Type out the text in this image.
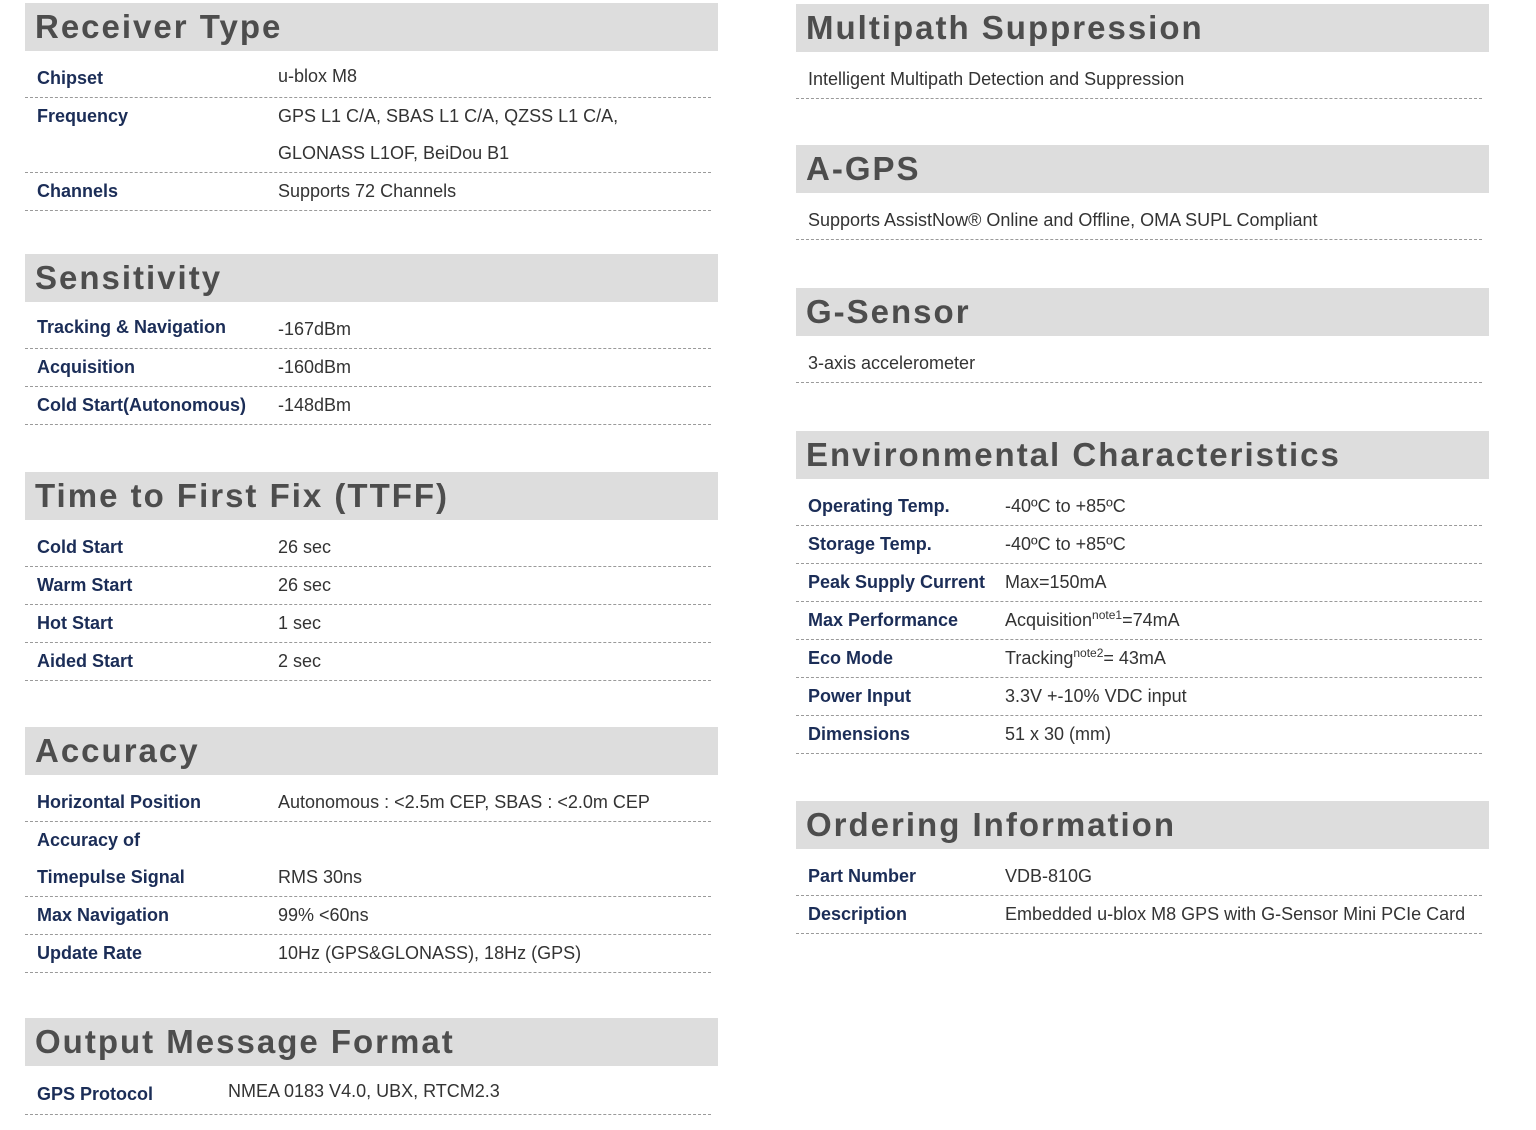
Receiver Type
Chipset	u-blox M8
Frequency	GPS L1 C/A, SBAS L1 C/A, QZSS L1 C/A,
GLONASS L1OF, BeiDou B1
Channels	Supports 72 Channels
Sensitivity
Tracking & Navigation	-167dBm
Acquisition	-160dBm
Cold Start(Autonomous)	-148dBm
Time to First Fix (TTFF)
Cold Start	26 sec
Warm Start	26 sec
Hot Start	1 sec
Aided Start	2 sec
Accuracy
Horizontal Position	Autonomous : <2.5m CEP, SBAS : <2.0m CEP
Accuracy of
Timepulse Signal	RMS 30ns
Max Navigation	99% <60ns
Update Rate	10Hz (GPS&GLONASS), 18Hz (GPS)
Output Message Format
GPS Protocol	NMEA 0183 V4.0, UBX, RTCM2.3
Multipath Suppression
Intelligent Multipath Detection and Suppression
A-GPS
Supports AssistNow® Online and Offline, OMA SUPL Compliant
G-Sensor
3-axis accelerometer
Environmental Characteristics
Operating Temp.	-40ºC to +85ºC
Storage Temp.	-40ºC to +85ºC
Peak Supply Current	Max=150mA
Max Performance	Acquisition$^{note1}$=74mA
Eco Mode	Tracking$^{note2}$= 43mA
Power Input	3.3V +-10% VDC input
Dimensions	51 x 30 (mm)
Ordering Information
Part Number	VDB-810G
Description	Embedded u-blox M8 GPS with G-Sensor Mini PCIe Card
